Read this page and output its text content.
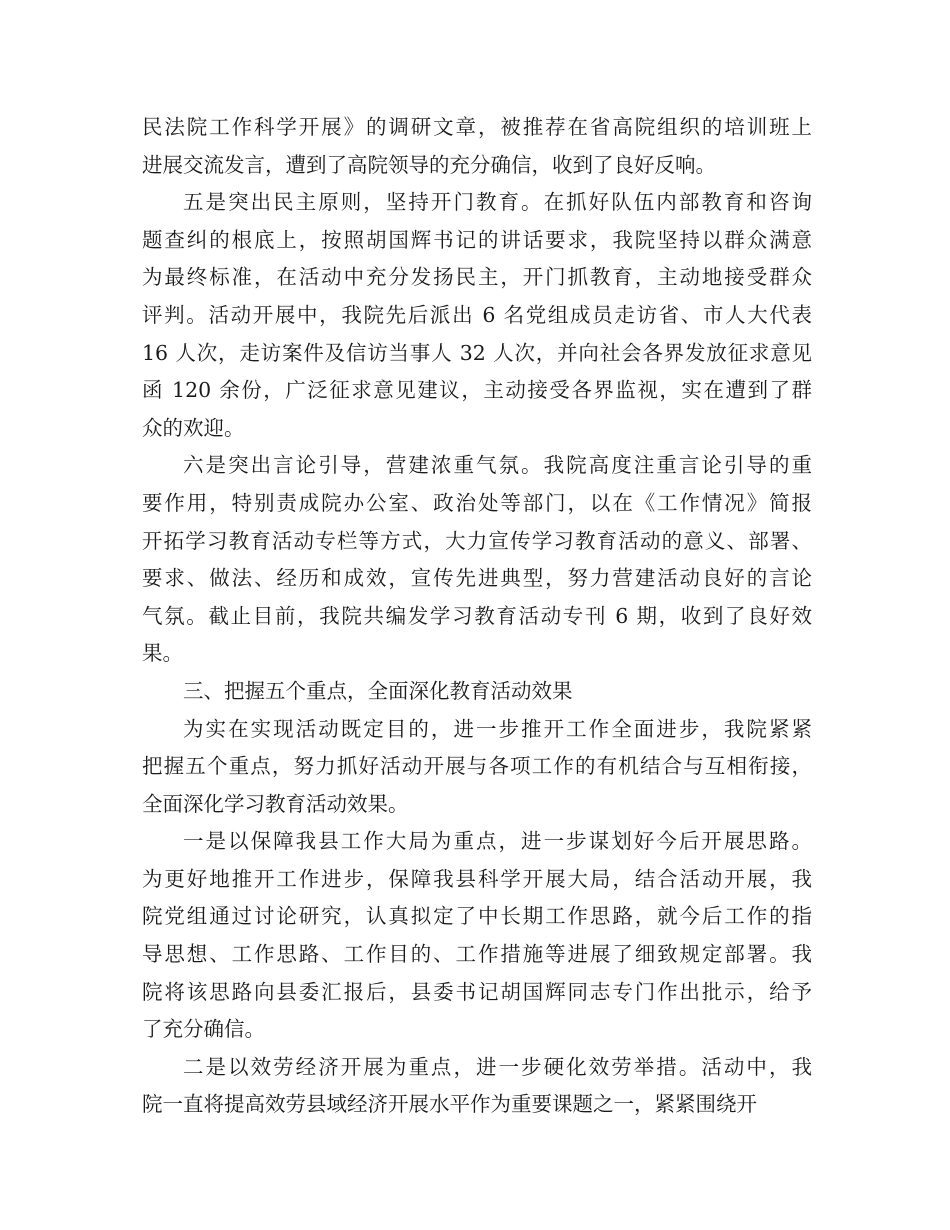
民法院工作科学开展》的调研文章，被推荐在省高院组织的培训班上
进展交流发言，遭到了高院领导的充分确信，收到了良好反响。
五是突出民主原则，坚持开门教育。在抓好队伍内部教育和咨询
题查纠的根底上，按照胡国辉书记的讲话要求，我院坚持以群众满意
为最终标准，在活动中充分发扬民主，开门抓教育，主动地接受群众
评判。活动开展中，我院先后派出 6 名党组成员走访省、市人大代表
16 人次，走访案件及信访当事人 32 人次，并向社会各界发放征求意见
函 120 余份，广泛征求意见建议，主动接受各界监视，实在遭到了群
众的欢迎。
六是突出言论引导，营建浓重气氛。我院高度注重言论引导的重
要作用，特别责成院办公室、政治处等部门，以在《工作情况》简报
开拓学习教育活动专栏等方式，大力宣传学习教育活动的意义、部署、
要求、做法、经历和成效，宣传先进典型，努力营建活动良好的言论
气氛。截止目前，我院共编发学习教育活动专刊 6 期，收到了良好效
果。
三、把握五个重点，全面深化教育活动效果
为实在实现活动既定目的，进一步推开工作全面进步，我院紧紧
把握五个重点，努力抓好活动开展与各项工作的有机结合与互相衔接，
全面深化学习教育活动效果。
一是以保障我县工作大局为重点，进一步谋划好今后开展思路。
为更好地推开工作进步，保障我县科学开展大局，结合活动开展，我
院党组通过讨论研究，认真拟定了中长期工作思路，就今后工作的指
导思想、工作思路、工作目的、工作措施等进展了细致规定部署。我
院将该思路向县委汇报后，县委书记胡国辉同志专门作出批示，给予
了充分确信。
二是以效劳经济开展为重点，进一步硬化效劳举措。活动中，我
院一直将提高效劳县域经济开展水平作为重要课题之一，紧紧围绕开
